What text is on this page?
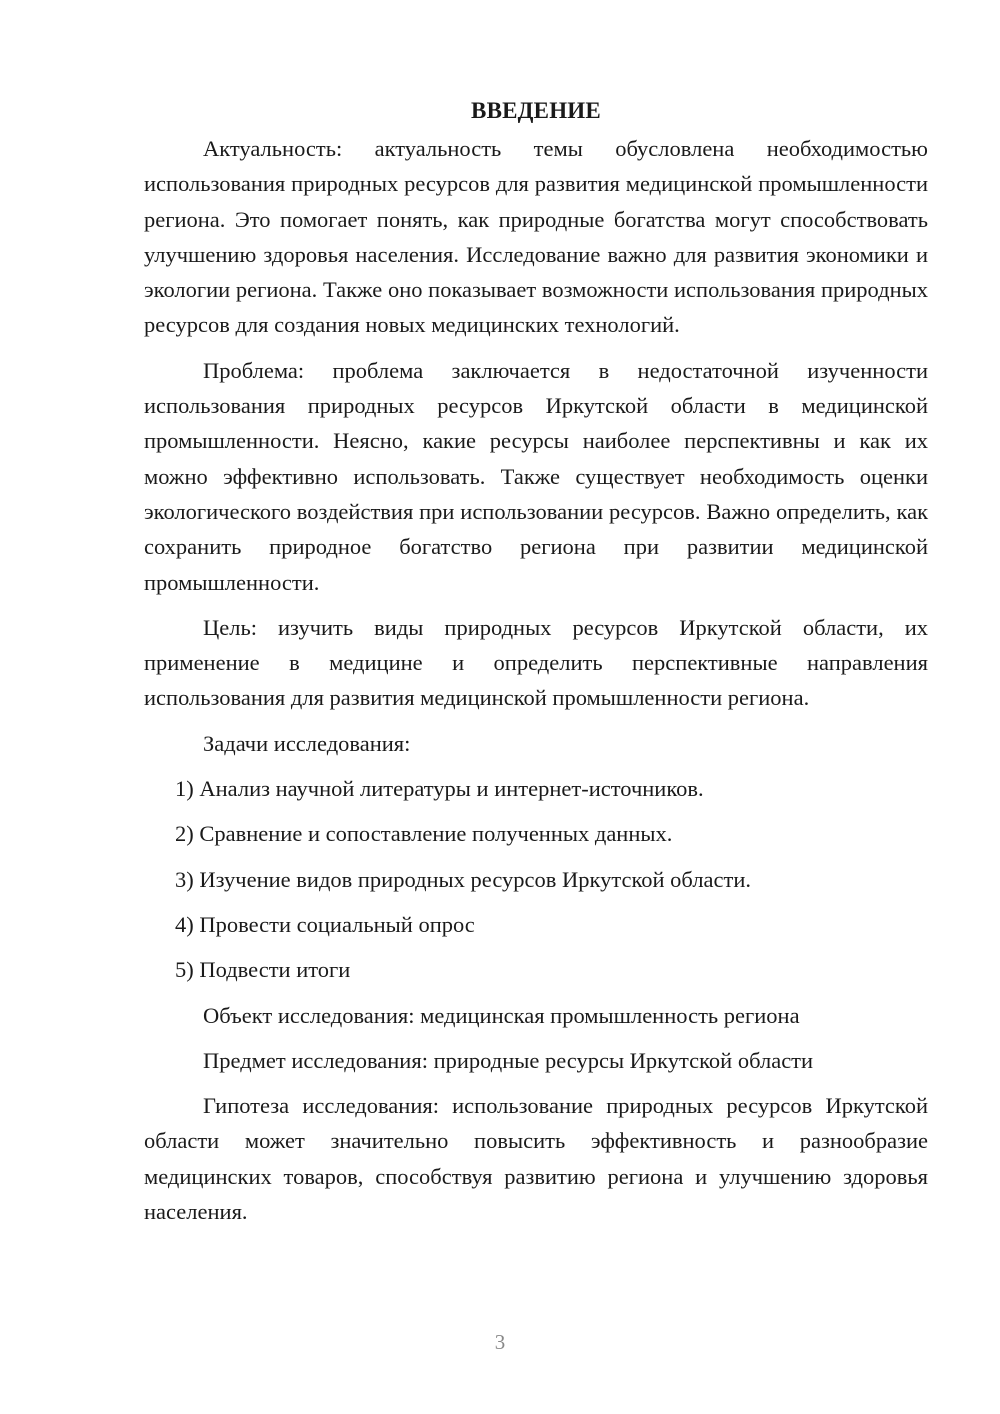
ВВЕДЕНИЕ

Актуальность: актуальность темы обусловлена необходимостью использования природных ресурсов для развития медицинской промышленности региона. Это помогает понять, как природные богатства могут способствовать улучшению здоровья населения. Исследование важно для развития экономики и экологии региона. Также оно показывает возможности использования природных ресурсов для создания новых медицинских технологий.

Проблема: проблема заключается в недостаточной изученности использования природных ресурсов Иркутской области в медицинской промышленности. Неясно, какие ресурсы наиболее перспективны и как их можно эффективно использовать. Также существует необходимость оценки экологического воздействия при использовании ресурсов. Важно определить, как сохранить природное богатство региона при развитии медицинской промышленности.

Цель: изучить виды природных ресурсов Иркутской области, их применение в медицине и определить перспективные направления использования для развития медицинской промышленности региона.

Задачи исследования:

1) Анализ научной литературы и интернет-источников.
2) Сравнение и сопоставление полученных данных.
3) Изучение видов природных ресурсов Иркутской области.
4) Провести социальный опрос
5) Подвести итоги

Объект исследования: медицинская промышленность региона

Предмет исследования: природные ресурсы Иркутской области

Гипотеза исследования: использование природных ресурсов Иркутской области может значительно повысить эффективность и разнообразие медицинских товаров, способствуя развитию региона и улучшению здоровья населения.

3
